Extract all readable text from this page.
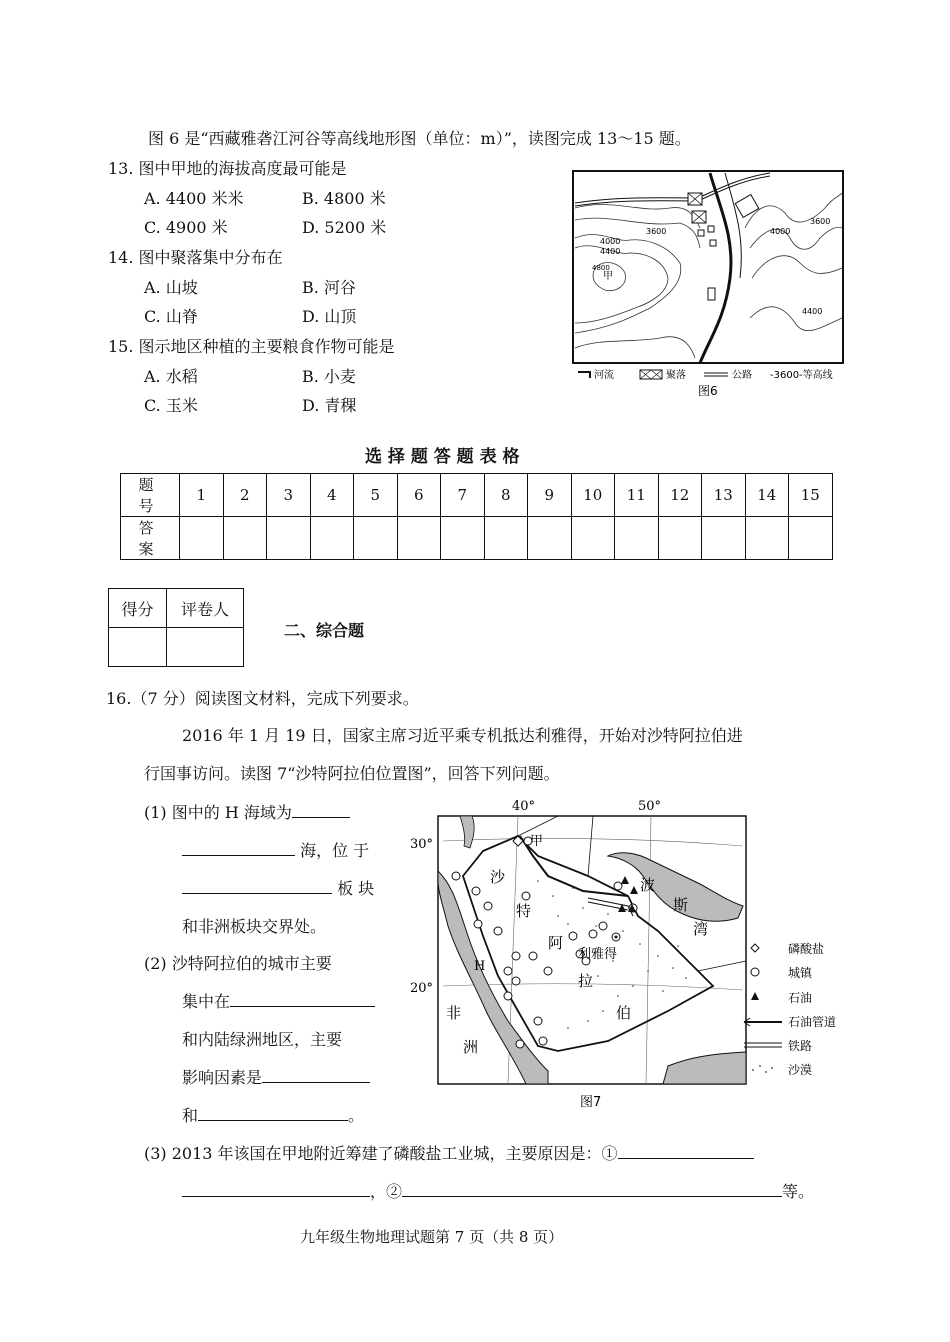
图 6 是“西藏雅砻江河谷等高线地形图（单位：m）”，读图完成 13～15 题。
13. 图中甲地的海拔高度最可能是
A. 4400 米米	B. 4800 米
C. 4900 米	D. 5200 米
14. 图中聚落集中分布在
A. 山坡	B. 河谷
C. 山脊	D. 山顶
15. 图示地区种植的主要粮食作物可能是
A. 水稻	B. 小麦
C. 玉米	D. 青稞
3600
4000
4400
4800
4000
3600
4400
甲
河流	聚落	公路 -3600-等高线
图6
选 择 题 答 题 表 格
题 号	1	2	3	4	5	6	7	8	9	10	11	12	13	14	15
答 案															
得分	评卷人

二、综合题
16.（7 分）阅读图文材料，完成下列要求。
2016 年 1 月 19 日，国家主席习近平乘专机抵达利雅得，开始对沙特阿拉伯进
行国事访问。读图 7“沙特阿拉伯位置图”，回答下列问题。
(1) 图中的 H 海域为
海，位 于
板 块
和非洲板块交界处。
(2) 沙特阿拉伯的城市主要
集中在
和内陆绿洲地区，主要
影响因素是
和	。
(3) 2013 年该国在甲地附近筹建了磷酸盐工业城，主要原因是：①
，②	等。
40°	50°
30°
20°
甲
沙
特
阿
拉
伯
利雅得
H
非
洲
波
斯
湾
磷酸盐
城镇
石油
石油管道
铁路
沙漠
图7
九年级生物地理试题第 7 页（共 8 页）
